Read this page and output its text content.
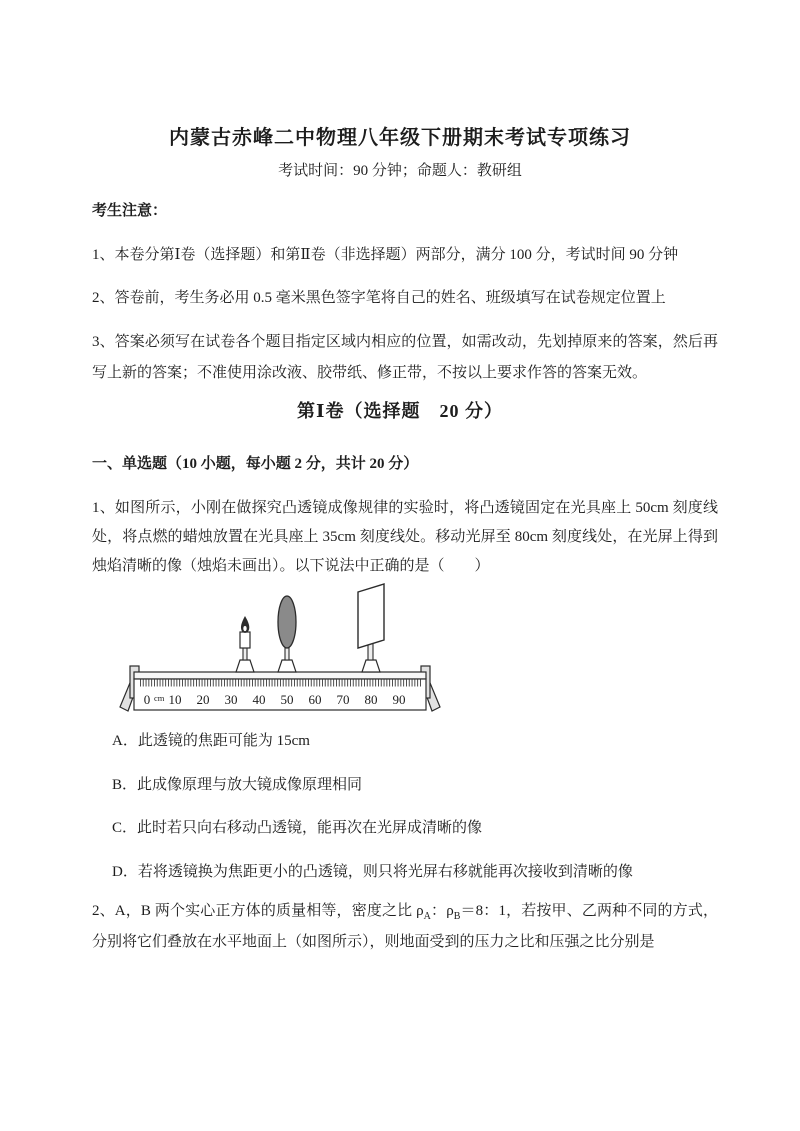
内蒙古赤峰二中物理八年级下册期末考试专项练习
考试时间：90 分钟；命题人：教研组
考生注意：

1、本卷分第Ⅰ卷（选择题）和第Ⅱ卷（非选择题）两部分，满分 100 分，考试时间 90 分钟

2、答卷前，考生务必用 0.5 毫米黑色签字笔将自己的姓名、班级填写在试卷规定位置上

3、答案必须写在试卷各个题目指定区域内相应的位置，如需改动，先划掉原来的答案，然后再写上新的答案；不准使用涂改液、胶带纸、修正带，不按以上要求作答的答案无效。

第Ⅰ卷（选择题　20 分）
一、单选题（10 小题，每小题 2 分，共计 20 分）

1、如图所示，小刚在做探究凸透镜成像规律的实验时，将凸透镜固定在光具座上 50cm 刻度线处，将点燃的蜡烛放置在光具座上 35cm 刻度线处。移动光屏至 80cm 刻度线处，在光屏上得到烛焰清晰的像（烛焰未画出）。以下说法中正确的是（　　）

0 cm 10 20 30 40 50 60 70 80 90

A．此透镜的焦距可能为 15cm

B．此成像原理与放大镜成像原理相同

C．此时若只向右移动凸透镜，能再次在光屏成清晰的像

D．若将透镜换为焦距更小的凸透镜，则只将光屏右移就能再次接收到清晰的像

2、A，B 两个实心正方体的质量相等，密度之比 $\rho_A$：$\rho_B=8$：1，若按甲、乙两种不同的方式，分别将它们叠放在水平地面上（如图所示），则地面受到的压力之比和压强之比分别是
